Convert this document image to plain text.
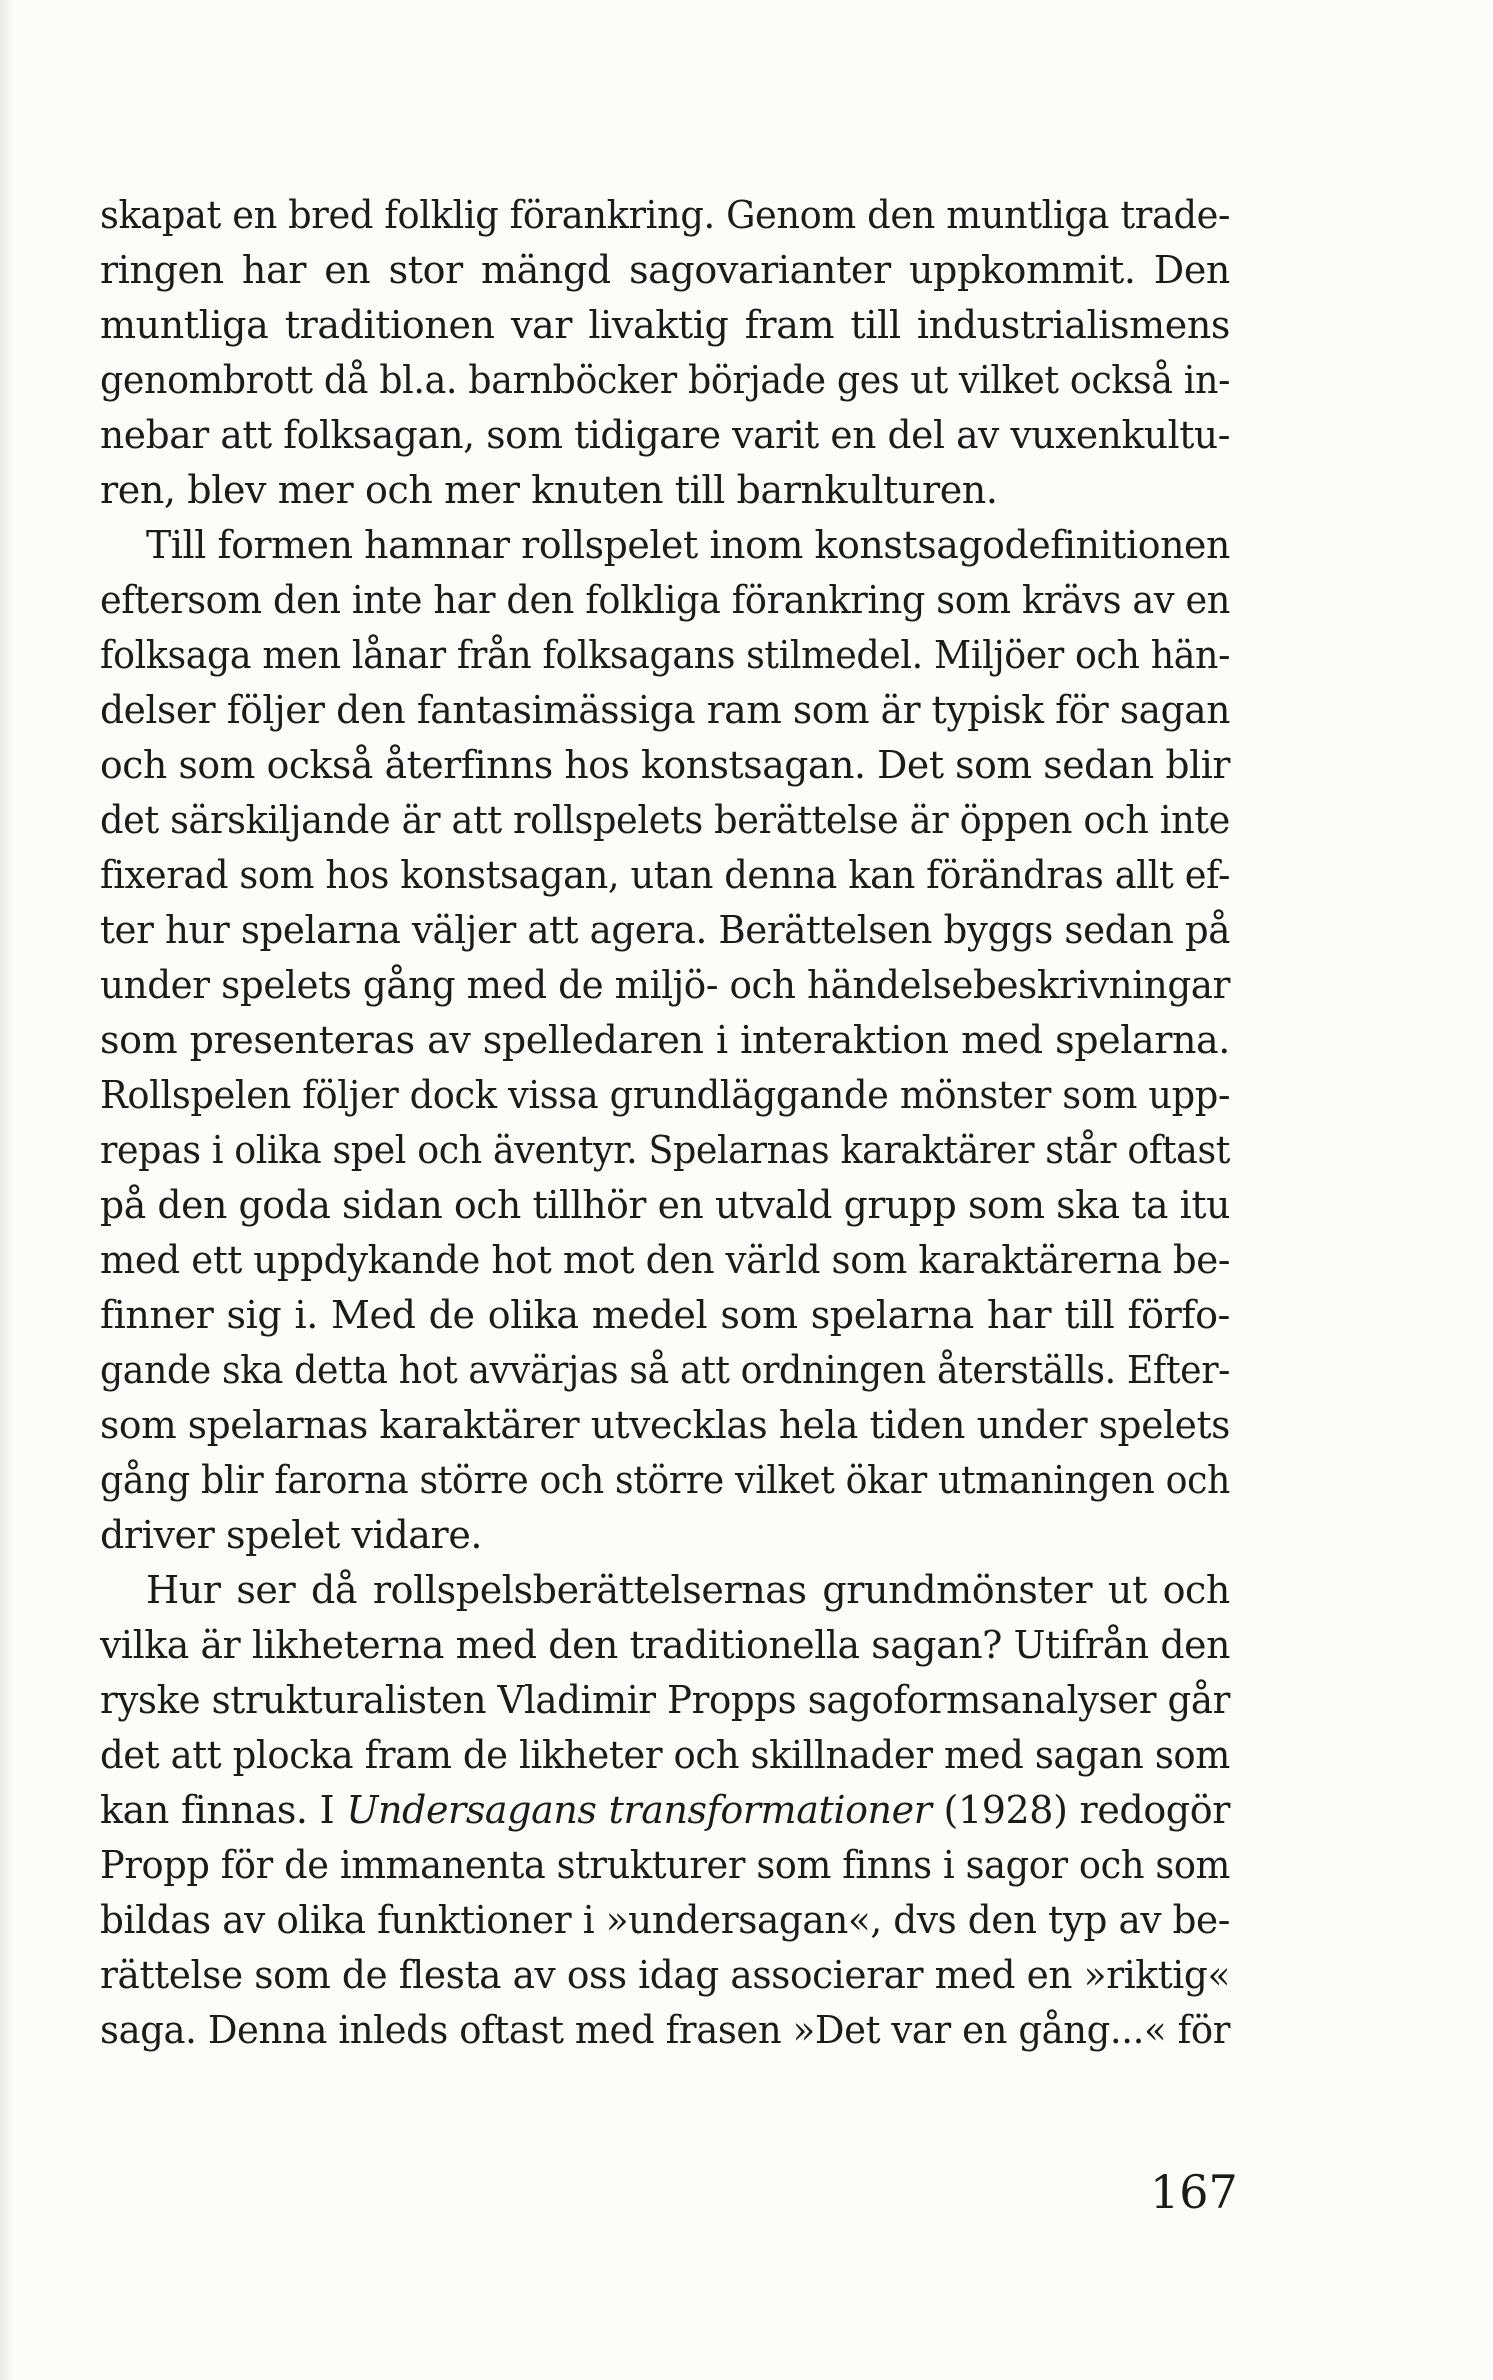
skapat en bred folklig förankring. Genom den muntliga trade-
ringen har en stor mängd sagovarianter uppkommit. Den
muntliga traditionen var livaktig fram till industrialismens
genombrott då bl.a. barnböcker började ges ut vilket också in-
nebar att folksagan, som tidigare varit en del av vuxenkultu-
ren, blev mer och mer knuten till barnkulturen.
Till formen hamnar rollspelet inom konstsagodefinitionen
eftersom den inte har den folkliga förankring som krävs av en
folksaga men lånar från folksagans stilmedel. Miljöer och hän-
delser följer den fantasimässiga ram som är typisk för sagan
och som också återfinns hos konstsagan. Det som sedan blir
det särskiljande är att rollspelets berättelse är öppen och inte
fixerad som hos konstsagan, utan denna kan förändras allt ef-
ter hur spelarna väljer att agera. Berättelsen byggs sedan på
under spelets gång med de miljö- och händelsebeskrivningar
som presenteras av spelledaren i interaktion med spelarna.
Rollspelen följer dock vissa grundläggande mönster som upp-
repas i olika spel och äventyr. Spelarnas karaktärer står oftast
på den goda sidan och tillhör en utvald grupp som ska ta itu
med ett uppdykande hot mot den värld som karaktärerna be-
finner sig i. Med de olika medel som spelarna har till förfo-
gande ska detta hot avvärjas så att ordningen återställs. Efter-
som spelarnas karaktärer utvecklas hela tiden under spelets
gång blir farorna större och större vilket ökar utmaningen och
driver spelet vidare.
Hur ser då rollspelsberättelsernas grundmönster ut och
vilka är likheterna med den traditionella sagan? Utifrån den
ryske strukturalisten Vladimir Propps sagoformsanalyser går
det att plocka fram de likheter och skillnader med sagan som
kan finnas. I Undersagans transformationer (1928) redogör
Propp för de immanenta strukturer som finns i sagor och som
bildas av olika funktioner i »undersagan«, dvs den typ av be-
rättelse som de flesta av oss idag associerar med en »riktig«
saga. Denna inleds oftast med frasen »Det var en gång...« för
167
